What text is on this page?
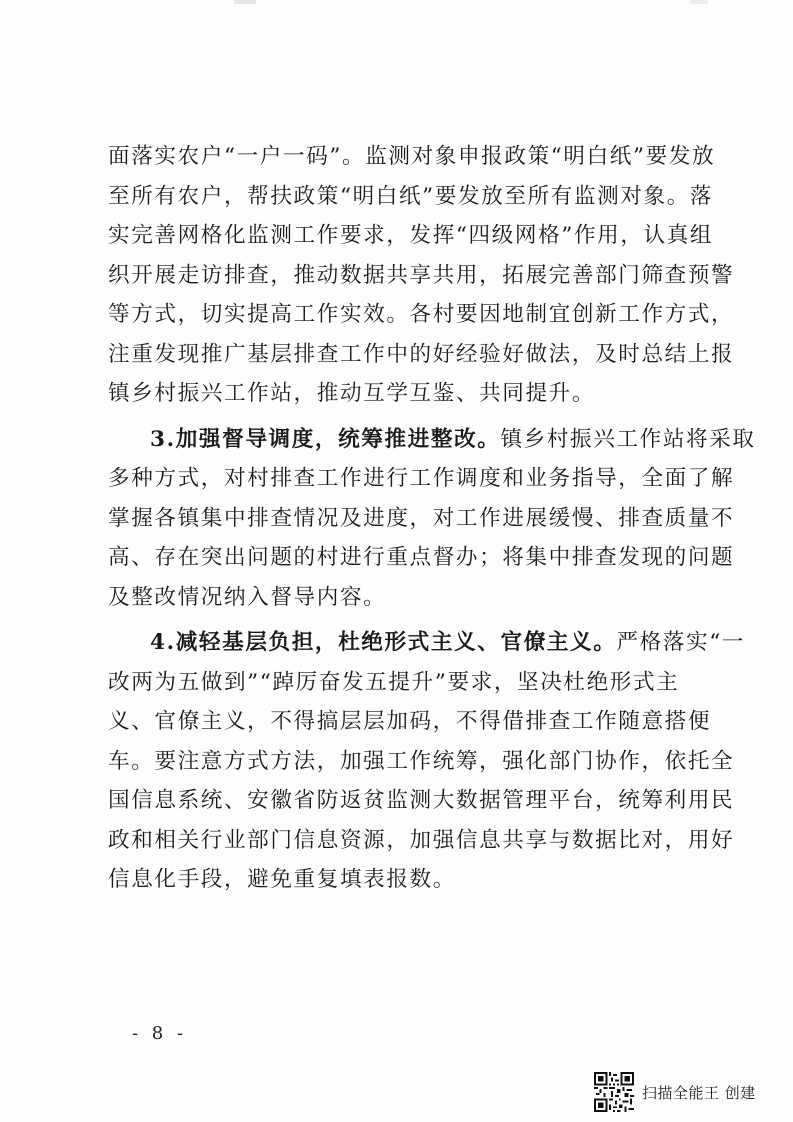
面落实农户“一户一码”。监测对象申报政策“明白纸”要发放
至所有农户，帮扶政策“明白纸”要发放至所有监测对象。落
实完善网格化监测工作要求，发挥“四级网格”作用，认真组
织开展走访排查，推动数据共享共用，拓展完善部门筛查预警
等方式，切实提高工作实效。各村要因地制宜创新工作方式，
注重发现推广基层排查工作中的好经验好做法，及时总结上报
镇乡村振兴工作站，推动互学互鉴、共同提升。
3.加强督导调度，统筹推进整改。镇乡村振兴工作站将采取
多种方式，对村排查工作进行工作调度和业务指导，全面了解
掌握各镇集中排查情况及进度，对工作进展缓慢、排查质量不
高、存在突出问题的村进行重点督办；将集中排查发现的问题
及整改情况纳入督导内容。
4.减轻基层负担，杜绝形式主义、官僚主义。严格落实“一
改两为五做到”“踔厉奋发五提升”要求，坚决杜绝形式主
义、官僚主义，不得搞层层加码，不得借排查工作随意搭便
车。要注意方式方法，加强工作统筹，强化部门协作，依托全
国信息系统、安徽省防返贫监测大数据管理平台，统筹利用民
政和相关行业部门信息资源，加强信息共享与数据比对，用好
信息化手段，避免重复填表报数。
- 8 -
扫描全能王 创建
